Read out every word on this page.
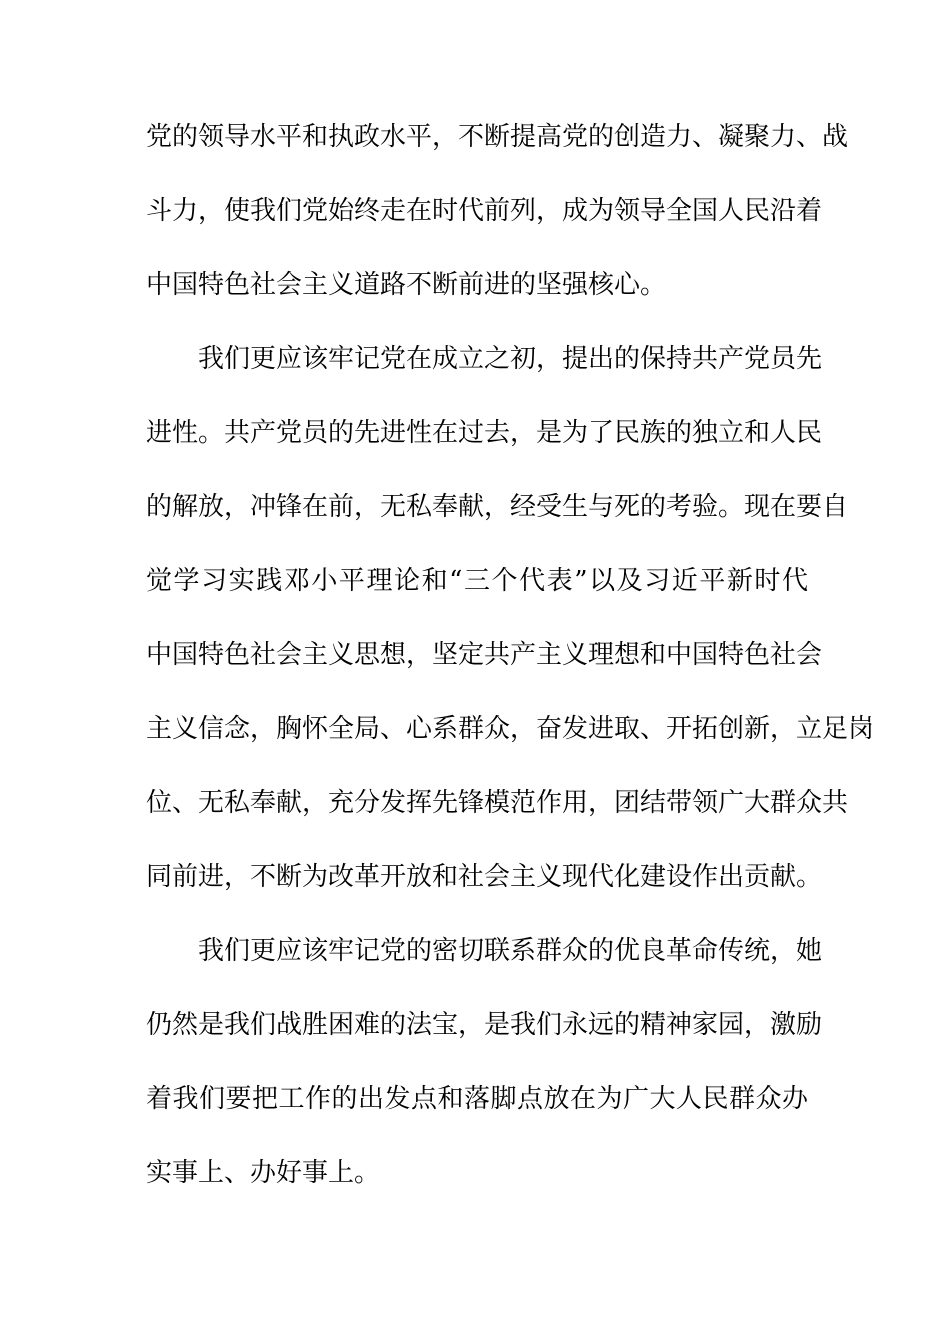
党的领导水平和执政水平，不断提高党的创造力、凝聚力、战
斗力，使我们党始终走在时代前列，成为领导全国人民沿着
中国特色社会主义道路不断前进的坚强核心。
我们更应该牢记党在成立之初，提出的保持共产党员先
进性。共产党员的先进性在过去，是为了民族的独立和人民
的解放，冲锋在前，无私奉献，经受生与死的考验。现在要自
觉学习实践邓小平理论和“三个代表”以及习近平新时代
中国特色社会主义思想，坚定共产主义理想和中国特色社会
主义信念，胸怀全局、心系群众，奋发进取、开拓创新，立足岗
位、无私奉献，充分发挥先锋模范作用，团结带领广大群众共
同前进，不断为改革开放和社会主义现代化建设作出贡献。
我们更应该牢记党的密切联系群众的优良革命传统，她
仍然是我们战胜困难的法宝，是我们永远的精神家园，激励
着我们要把工作的出发点和落脚点放在为广大人民群众办
实事上、办好事上。
